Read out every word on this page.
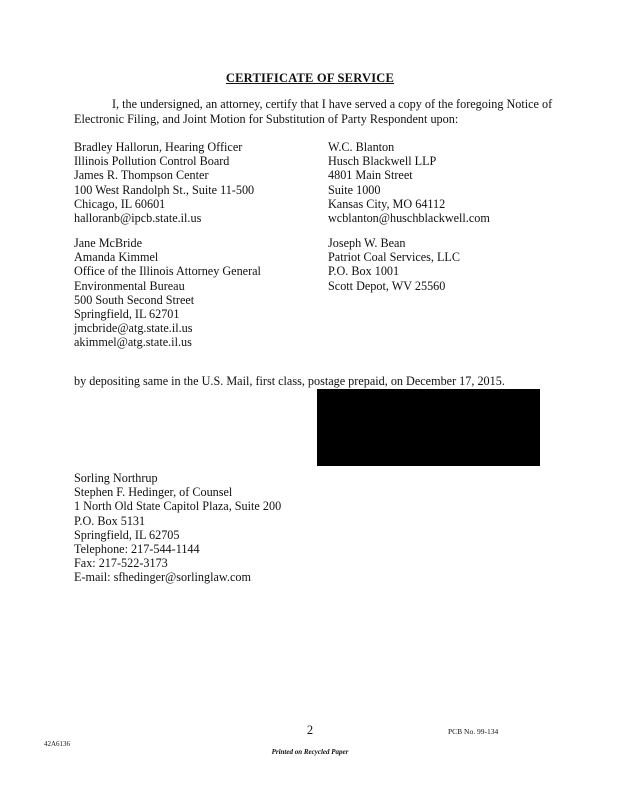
CERTIFICATE OF SERVICE
I, the undersigned, an attorney, certify that I have served a copy of the foregoing Notice of Electronic Filing, and Joint Motion for Substitution of Party Respondent upon:
Bradley Hallorun, Hearing Officer
Illinois Pollution Control Board
James R. Thompson Center
100 West Randolph St., Suite 11-500
Chicago, IL 60601
halloranb@ipcb.state.il.us
W.C. Blanton
Husch Blackwell LLP
4801 Main Street
Suite 1000
Kansas City, MO 64112
wcblanton@huschblackwell.com
Jane McBride
Amanda Kimmel
Office of the Illinois Attorney General
Environmental Bureau
500 South Second Street
Springfield, IL 62701
jmcbride@atg.state.il.us
akimmel@atg.state.il.us
Joseph W. Bean
Patriot Coal Services, LLC
P.O. Box 1001
Scott Depot, WV 25560
by depositing same in the U.S. Mail, first class, postage prepaid, on December 17, 2015.
Sorling Northrup
Stephen F. Hedinger, of Counsel
1 North Old State Capitol Plaza, Suite 200
P.O. Box 5131
Springfield, IL 62705
Telephone: 217-544-1144
Fax: 217-522-3173
E-mail: sfhedinger@sorlinglaw.com
2
42A6136
PCB No. 99-134
Printed on Recycled Paper
